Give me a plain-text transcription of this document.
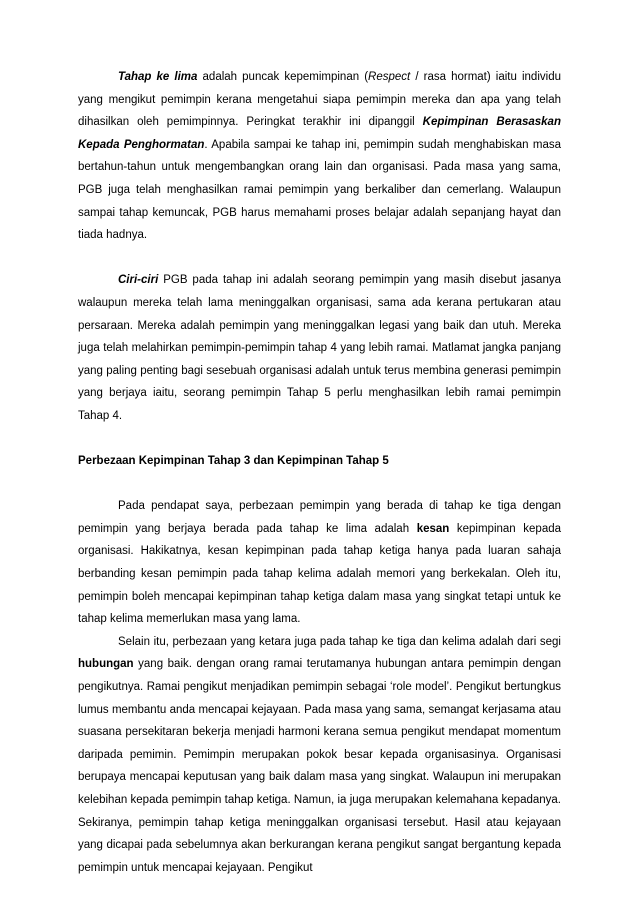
Tahap ke lima adalah puncak kepemimpinan (Respect / rasa hormat) iaitu individu yang mengikut pemimpin kerana mengetahui siapa pemimpin mereka dan apa yang telah dihasilkan oleh pemimpinnya. Peringkat terakhir ini dipanggil Kepimpinan Berasaskan Kepada Penghormatan. Apabila sampai ke tahap ini, pemimpin sudah menghabiskan masa bertahun-tahun untuk mengembangkan orang lain dan organisasi. Pada masa yang sama, PGB juga telah menghasilkan ramai pemimpin yang berkaliber dan cemerlang. Walaupun sampai tahap kemuncak, PGB harus memahami proses belajar adalah sepanjang hayat dan tiada hadnya.

Ciri-ciri PGB pada tahap ini adalah seorang pemimpin yang masih disebut jasanya walaupun mereka telah lama meninggalkan organisasi, sama ada kerana pertukaran atau persaraan. Mereka adalah pemimpin yang meninggalkan legasi yang baik dan utuh. Mereka juga telah melahirkan pemimpin-pemimpin tahap 4 yang lebih ramai. Matlamat jangka panjang yang paling penting bagi sesebuah organisasi adalah untuk terus membina generasi pemimpin yang berjaya iaitu, seorang pemimpin Tahap 5 perlu menghasilkan lebih ramai pemimpin Tahap 4.

Perbezaan Kepimpinan Tahap 3 dan Kepimpinan Tahap 5

Pada pendapat saya, perbezaan pemimpin yang berada di tahap ke tiga dengan pemimpin yang berjaya berada pada tahap ke lima adalah kesan kepimpinan kepada organisasi. Hakikatnya, kesan kepimpinan pada tahap ketiga hanya pada luaran sahaja berbanding kesan pemimpin pada tahap kelima adalah memori yang berkekalan. Oleh itu, pemimpin boleh mencapai kepimpinan tahap ketiga dalam masa yang singkat tetapi untuk ke tahap kelima memerlukan masa yang lama.

Selain itu, perbezaan yang ketara juga pada tahap ke tiga dan kelima adalah dari segi hubungan yang baik. dengan orang ramai terutamanya hubungan antara pemimpin dengan pengikutnya. Ramai pengikut menjadikan pemimpin sebagai ‘role model’. Pengikut bertungkus lumus membantu anda mencapai kejayaan. Pada masa yang sama, semangat kerjasama atau suasana persekitaran bekerja menjadi harmoni kerana semua pengikut mendapat momentum daripada pemimin. Pemimpin merupakan pokok besar kepada organisasinya. Organisasi berupaya mencapai keputusan yang baik dalam masa yang singkat. Walaupun ini merupakan kelebihan kepada pemimpin tahap ketiga. Namun, ia juga merupakan kelemahana kepadanya. Sekiranya, pemimpin tahap ketiga meninggalkan organisasi tersebut. Hasil atau kejayaan yang dicapai pada sebelumnya akan berkurangan kerana pengikut sangat bergantung kepada pemimpin untuk mencapai kejayaan. Pengikut
